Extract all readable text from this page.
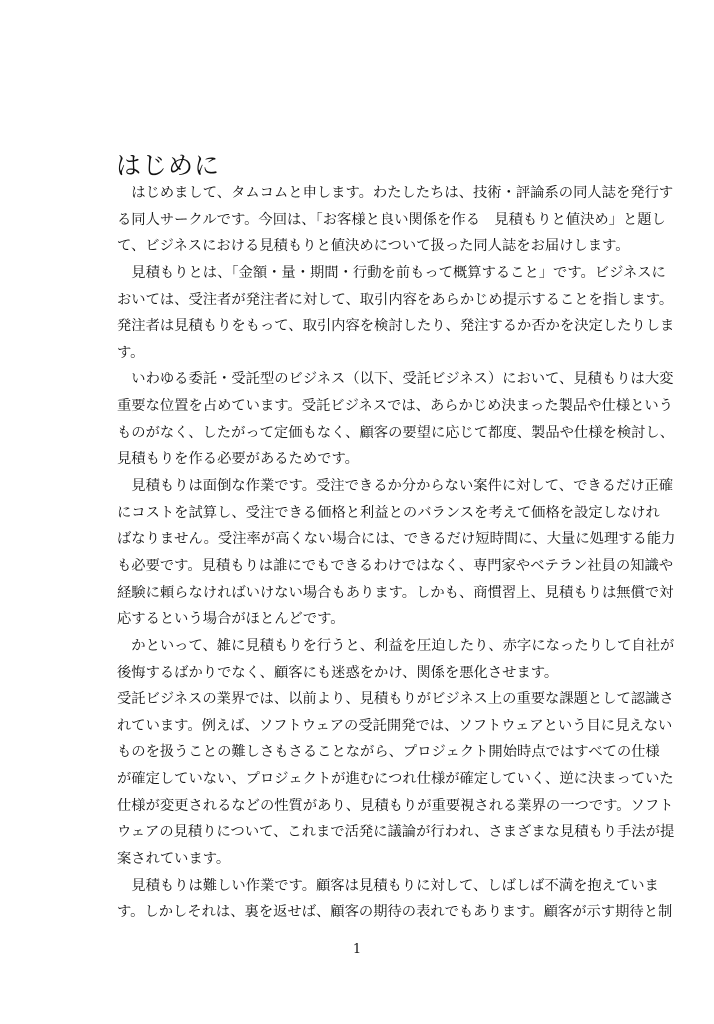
はじめに
　はじめまして、タムコムと申します。わたしたちは、技術・評論系の同人誌を発行す
る同人サークルです。今回は、「お客様と良い関係を作る　見積もりと値決め」と題し
て、ビジネスにおける見積もりと値決めについて扱った同人誌をお届けします。
　見積もりとは、「金額・量・期間・行動を前もって概算すること」です。ビジネスに
おいては、受注者が発注者に対して、取引内容をあらかじめ提示することを指します。
発注者は見積もりをもって、取引内容を検討したり、発注するか否かを決定したりしま
す。
　いわゆる委託・受託型のビジネス（以下、受託ビジネス）において、見積もりは大変
重要な位置を占めています。受託ビジネスでは、あらかじめ決まった製品や仕様という
ものがなく、したがって定価もなく、顧客の要望に応じて都度、製品や仕様を検討し、
見積もりを作る必要があるためです。
　見積もりは面倒な作業です。受注できるか分からない案件に対して、できるだけ正確
にコストを試算し、受注できる価格と利益とのバランスを考えて価格を設定しなけれ
ばなりません。受注率が高くない場合には、できるだけ短時間に、大量に処理する能力
も必要です。見積もりは誰にでもできるわけではなく、専門家やベテラン社員の知識や
経験に頼らなければいけない場合もあります。しかも、商慣習上、見積もりは無償で対
応するという場合がほとんどです。
　かといって、雑に見積もりを行うと、利益を圧迫したり、赤字になったりして自社が
後悔するばかりでなく、顧客にも迷惑をかけ、関係を悪化させます。
受託ビジネスの業界では、以前より、見積もりがビジネス上の重要な課題として認識さ
れています。例えば、ソフトウェアの受託開発では、ソフトウェアという目に見えない
ものを扱うことの難しさもさることながら、プロジェクト開始時点ではすべての仕様
が確定していない、プロジェクトが進むにつれ仕様が確定していく、逆に決まっていた
仕様が変更されるなどの性質があり、見積もりが重要視される業界の一つです。ソフト
ウェアの見積りについて、これまで活発に議論が行われ、さまざまな見積もり手法が提
案されています。
　見積もりは難しい作業です。顧客は見積もりに対して、しばしば不満を抱えていま
す。しかしそれは、裏を返せば、顧客の期待の表れでもあります。顧客が示す期待と制
1
